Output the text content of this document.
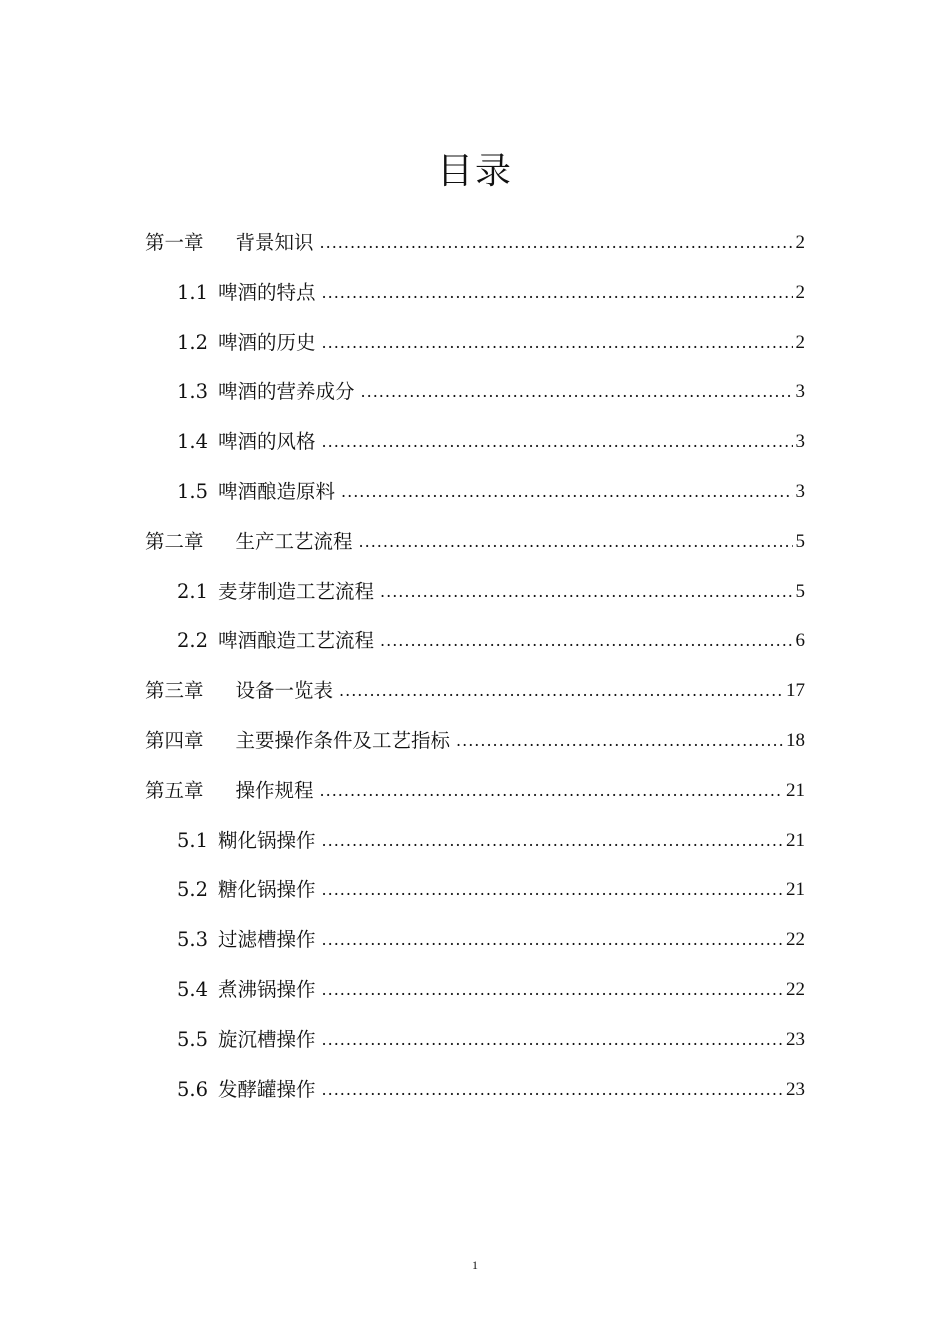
目录
第一章 背景知识 .....	2
1.1 啤酒的特点 .....	2
1.2 啤酒的历史 .....	2
1.3 啤酒的营养成分 .....	3
1.4 啤酒的风格 .....	3
1.5 啤酒酿造原料 .....	3
第二章 生产工艺流程 .....	5
2.1 麦芽制造工艺流程 .....	5
2.2 啤酒酿造工艺流程 .....	6
第三章 设备一览表 .....	17
第四章 主要操作条件及工艺指标 .....	18
第五章 操作规程 .....	21
5.1 糊化锅操作 .....	21
5.2 糖化锅操作 .....	21
5.3 过滤槽操作 .....	22
5.4 煮沸锅操作 .....	22
5.5 旋沉槽操作 .....	23
5.6 发酵罐操作 .....	23
1
